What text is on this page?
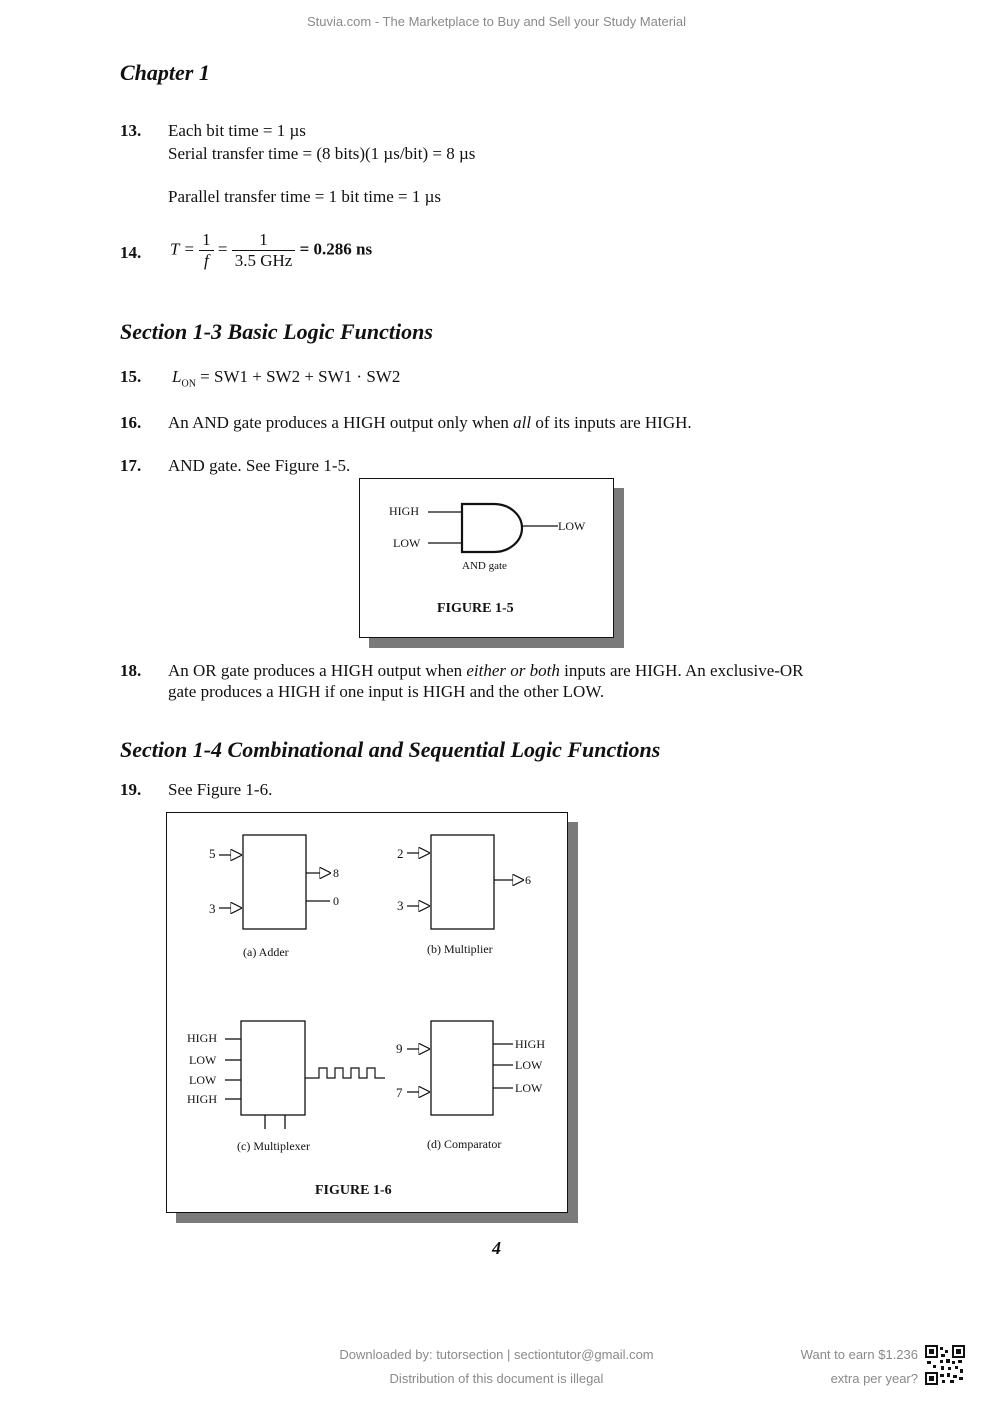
Stuvia.com - The Marketplace to Buy and Sell your Study Material
Chapter 1
13. Each bit time = 1 µs
Serial transfer time = (8 bits)(1 µs/bit) = 8 µs
Parallel transfer time = 1 bit time = 1 µs
14. $T = \frac{1}{f} = \frac{1}{\text{3.5 GHz}} = 0.286$ ns
Section 1-3 Basic Logic Functions
15. $L_{ON} = SW1 + SW2 + SW1 \cdot SW2$
16. An AND gate produces a HIGH output only when all of its inputs are HIGH.
17. AND gate. See Figure 1-5.
HIGH
LOW
LOW
AND gate
FIGURE 1-5
18. An OR gate produces a HIGH output when either or both inputs are HIGH. An exclusive-OR
gate produces a HIGH if one input is HIGH and the other LOW.
Section 1-4 Combinational and Sequential Logic Functions
19. See Figure 1-6.
5
3
8
0
(a) Adder
2
3
6
(b) Multiplier
HIGH
LOW
LOW
HIGH
(c) Multiplexer
9
7
HIGH
LOW
LOW
(d) Comparator
FIGURE 1-6
4
Downloaded by: tutorsection | sectiontutor@gmail.com
Distribution of this document is illegal
Want to earn $1.236
extra per year?
